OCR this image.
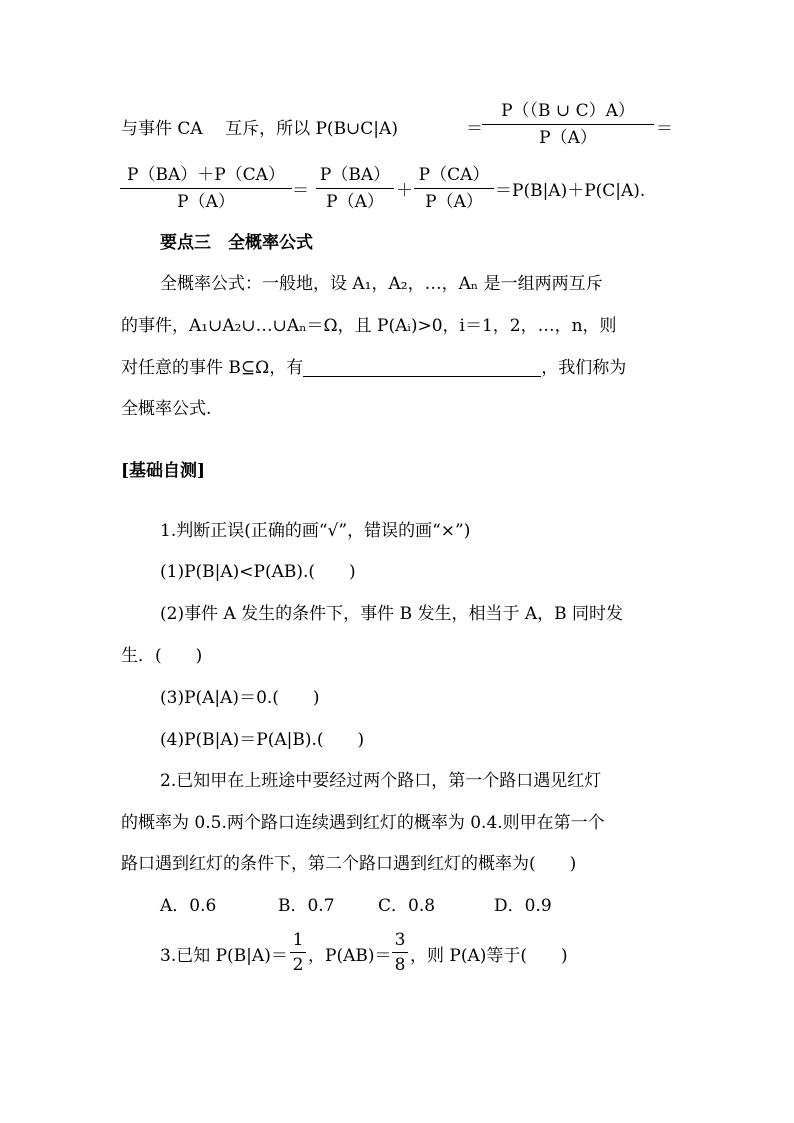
与事件 CA　 互斥，所以 P(B∪C|A)	＝
P（（B ∪ C）A）
P（A）	＝
P（BA）＋P（CA）
P（A）
＝
P（BA）
P（A）
＋
P（CA）
P（A）
＝P(B|A)＋P(C|A).
要点三　全概率公式
全概率公式：一般地，设 A₁，A₂，…，Aₙ 是一组两两互斥
的事件，A₁∪A₂∪…∪Aₙ＝Ω，且 P(Aᵢ)>0，i＝1，2，…，n，则
对任意的事件 B⊆Ω，有	，我们称为
全概率公式.
[基础自测]
1.判断正误(正确的画“√”，错误的画“×”)
(1)P(B|A)<P(AB).(　　)
(2)事件 A 发生的条件下，事件 B 发生，相当于 A，B 同时发
生．(　　)
(3)P(A|A)＝0.(　　)
(4)P(B|A)＝P(A|B).(　　)
2.已知甲在上班途中要经过两个路口，第一个路口遇见红灯
的概率为 0.5.两个路口连续遇到红灯的概率为 0.4.则甲在第一个
路口遇到红灯的条件下，第二个路口遇到红灯的概率为(　　)
A．0.6	B．0.7	C．0.8	D．0.9
3.已知 P(B|A)＝
1
2 ，P(AB)＝
3
8 ，则 P(A)等于(　　)
